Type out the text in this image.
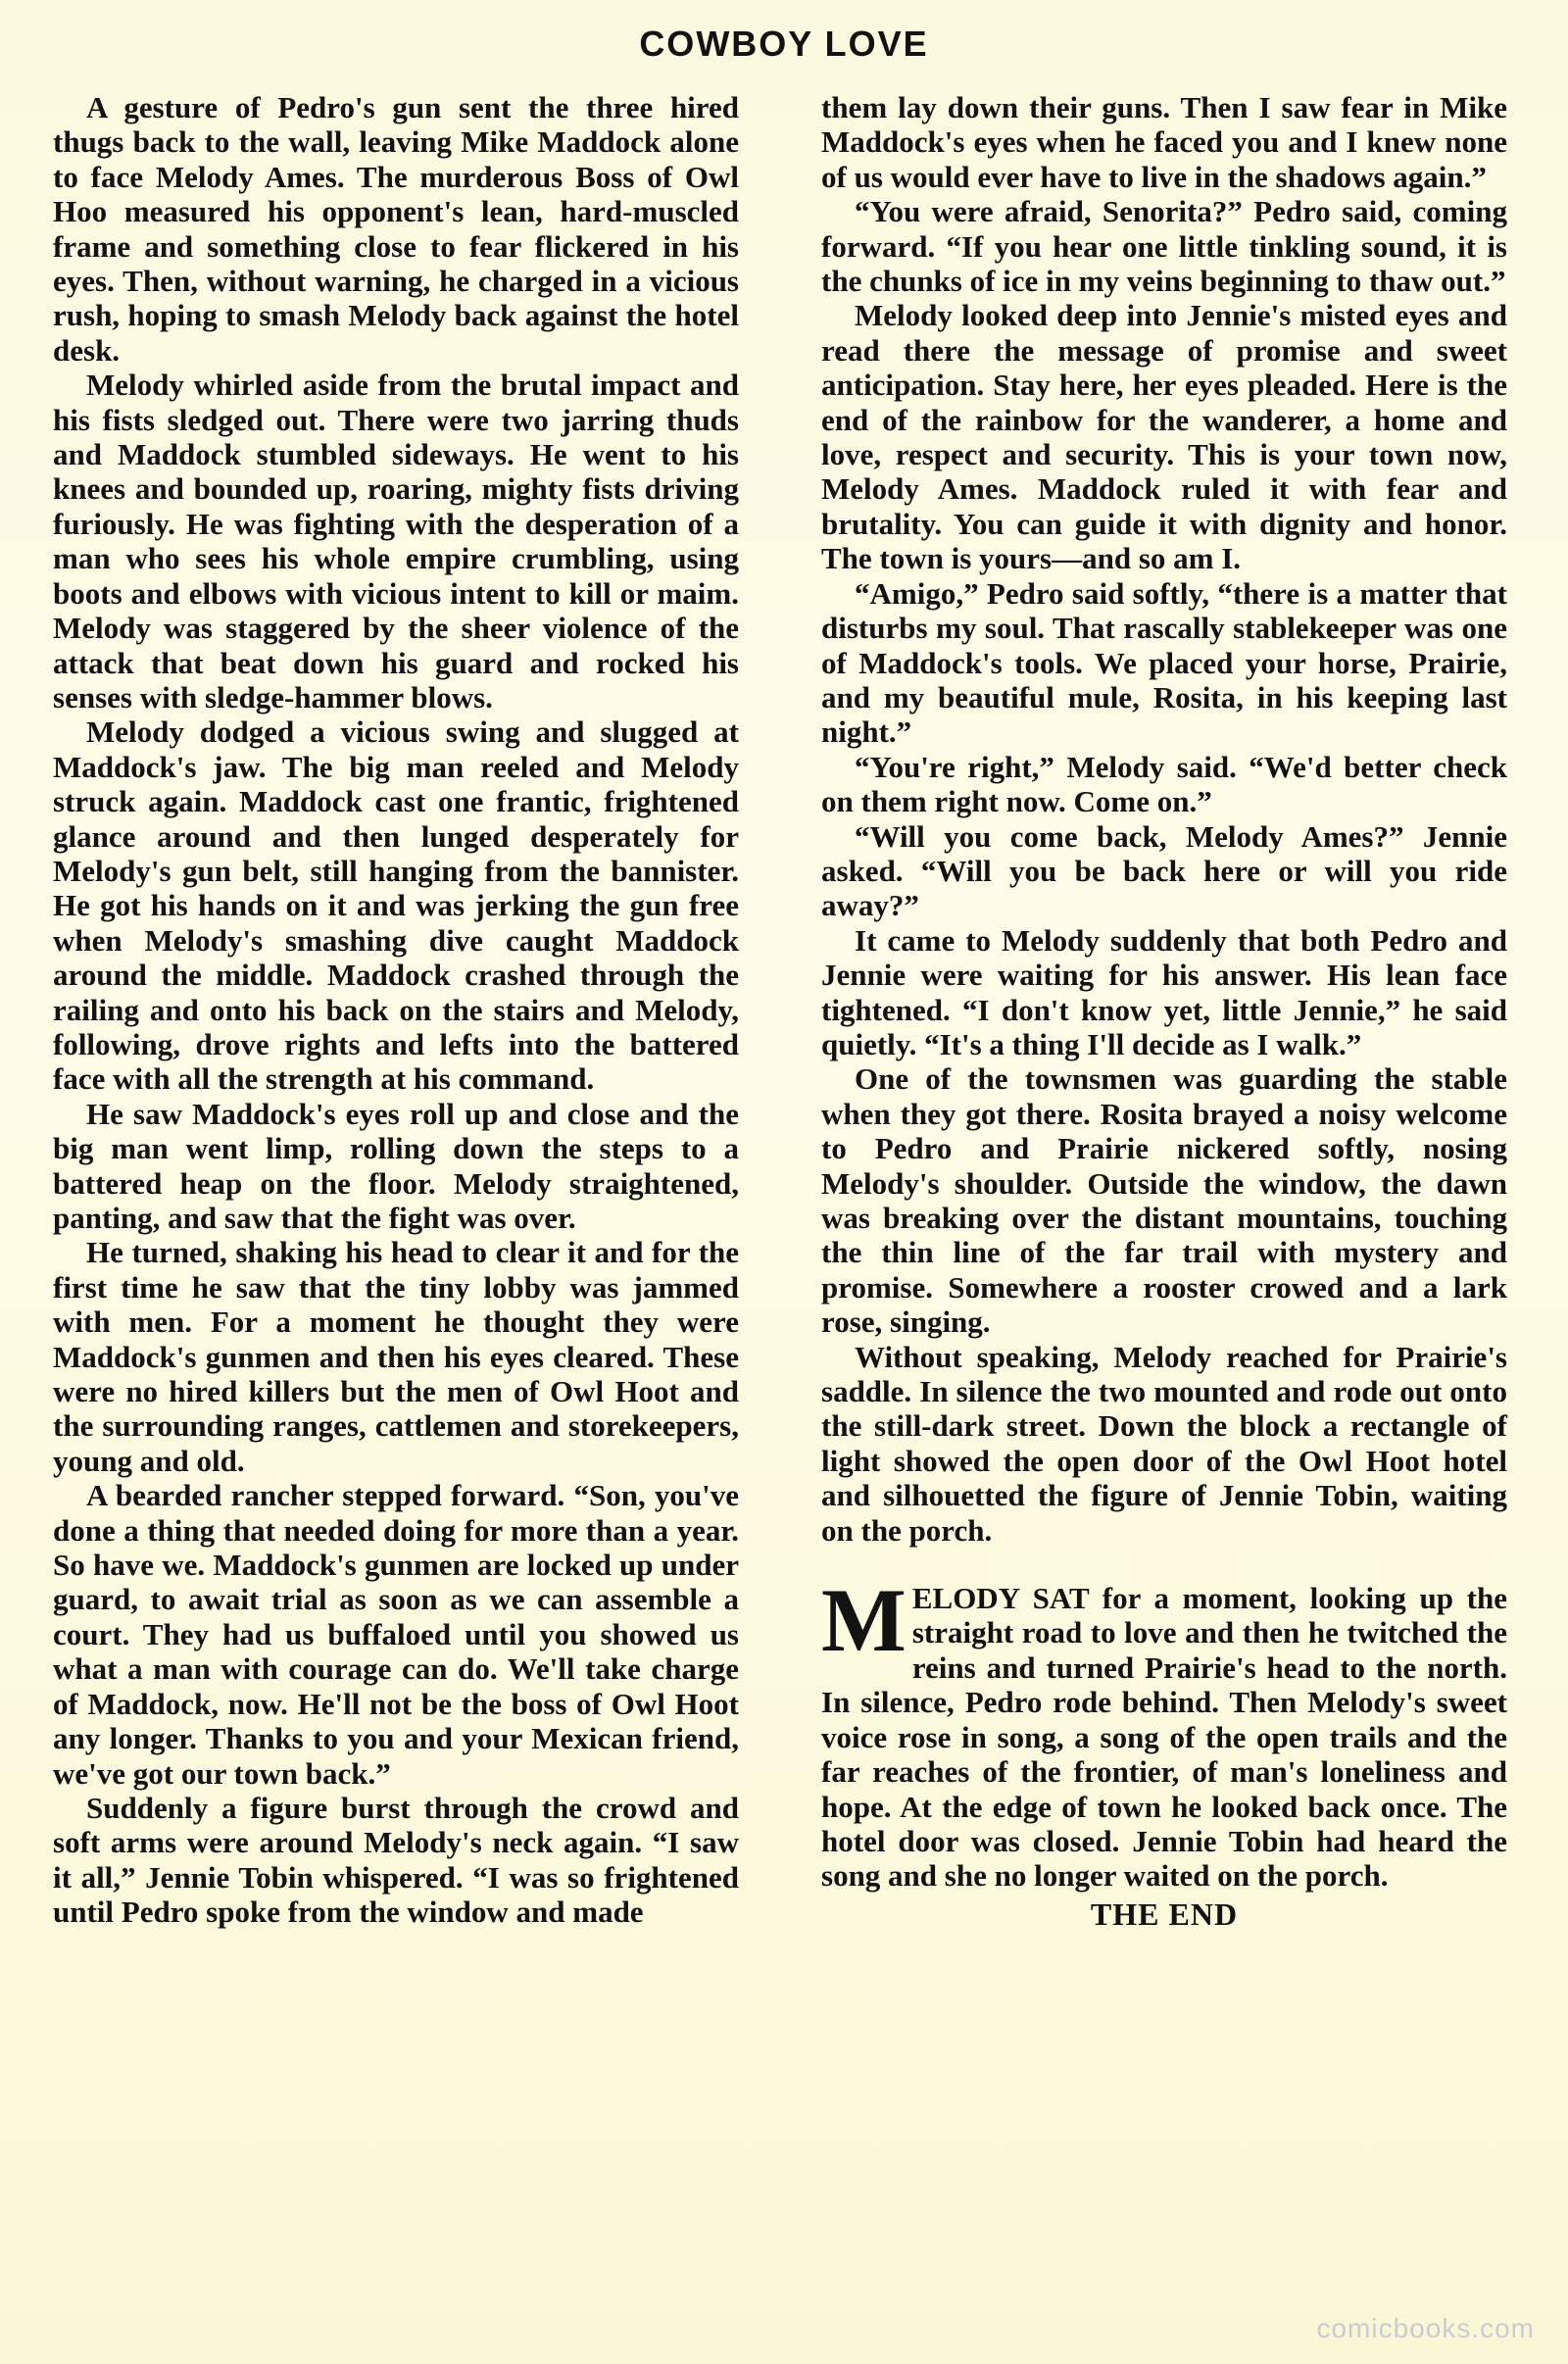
COWBOY LOVE

A gesture of Pedro's gun sent the three hired thugs back to the wall, leaving Mike Maddock alone to face Melody Ames. The murderous Boss of Owl Hoo measured his opponent's lean, hard-muscled frame and something close to fear flickered in his eyes. Then, without warning, he charged in a vicious rush, hoping to smash Melody back against the hotel desk.

Melody whirled aside from the brutal impact and his fists sledged out. There were two jarring thuds and Maddock stumbled sideways. He went to his knees and bounded up, roaring, mighty fists driving furiously. He was fighting with the desperation of a man who sees his whole empire crumbling, using boots and elbows with vicious intent to kill or maim. Melody was staggered by the sheer violence of the attack that beat down his guard and rocked his senses with sledge-hammer blows.

Melody dodged a vicious swing and slugged at Maddock's jaw. The big man reeled and Melody struck again. Maddock cast one frantic, frightened glance around and then lunged desperately for Melody's gun belt, still hanging from the bannister. He got his hands on it and was jerking the gun free when Melody's smashing dive caught Maddock around the middle. Maddock crashed through the railing and onto his back on the stairs and Melody, following, drove rights and lefts into the battered face with all the strength at his command.

He saw Maddock's eyes roll up and close and the big man went limp, rolling down the steps to a battered heap on the floor. Melody straightened, panting, and saw that the fight was over.

He turned, shaking his head to clear it and for the first time he saw that the tiny lobby was jammed with men. For a moment he thought they were Maddock's gunmen and then his eyes cleared. These were no hired killers but the men of Owl Hoot and the surrounding ranges, cattlemen and storekeepers, young and old.

A bearded rancher stepped forward. “Son, you've done a thing that needed doing for more than a year. So have we. Maddock's gunmen are locked up under guard, to await trial as soon as we can assemble a court. They had us buffaloed until you showed us what a man with courage can do. We'll take charge of Maddock, now. He'll not be the boss of Owl Hoot any longer. Thanks to you and your Mexican friend, we've got our town back.”

Suddenly a figure burst through the crowd and soft arms were around Melody's neck again. “I saw it all,” Jennie Tobin whispered. “I was so frightened until Pedro spoke from the window and made

them lay down their guns. Then I saw fear in Mike Maddock's eyes when he faced you and I knew none of us would ever have to live in the shadows again.”

“You were afraid, Senorita?” Pedro said, coming forward. “If you hear one little tinkling sound, it is the chunks of ice in my veins beginning to thaw out.”

Melody looked deep into Jennie's misted eyes and read there the message of promise and sweet anticipation. Stay here, her eyes pleaded. Here is the end of the rainbow for the wanderer, a home and love, respect and security. This is your town now, Melody Ames. Maddock ruled it with fear and brutality. You can guide it with dignity and honor. The town is yours—and so am I.

“Amigo,” Pedro said softly, “there is a matter that disturbs my soul. That rascally stablekeeper was one of Maddock's tools. We placed your horse, Prairie, and my beautiful mule, Rosita, in his keeping last night.”

“You're right,” Melody said. “We'd better check on them right now. Come on.”

“Will you come back, Melody Ames?” Jennie asked. “Will you be back here or will you ride away?”

It came to Melody suddenly that both Pedro and Jennie were waiting for his answer. His lean face tightened. “I don't know yet, little Jennie,” he said quietly. “It's a thing I'll decide as I walk.”

One of the townsmen was guarding the stable when they got there. Rosita brayed a noisy welcome to Pedro and Prairie nickered softly, nosing Melody's shoulder. Outside the window, the dawn was breaking over the distant mountains, touching the thin line of the far trail with mystery and promise. Somewhere a rooster crowed and a lark rose, singing.

Without speaking, Melody reached for Prairie's saddle. In silence the two mounted and rode out onto the still-dark street. Down the block a rectangle of light showed the open door of the Owl Hoot hotel and silhouetted the figure of Jennie Tobin, waiting on the porch.

MELODY SAT for a moment, looking up the straight road to love and then he twitched the reins and turned Prairie's head to the north. In silence, Pedro rode behind. Then Melody's sweet voice rose in song, a song of the open trails and the far reaches of the frontier, of man's loneliness and hope. At the edge of town he looked back once. The hotel door was closed. Jennie Tobin had heard the song and she no longer waited on the porch.

THE END
comicbooks.com
